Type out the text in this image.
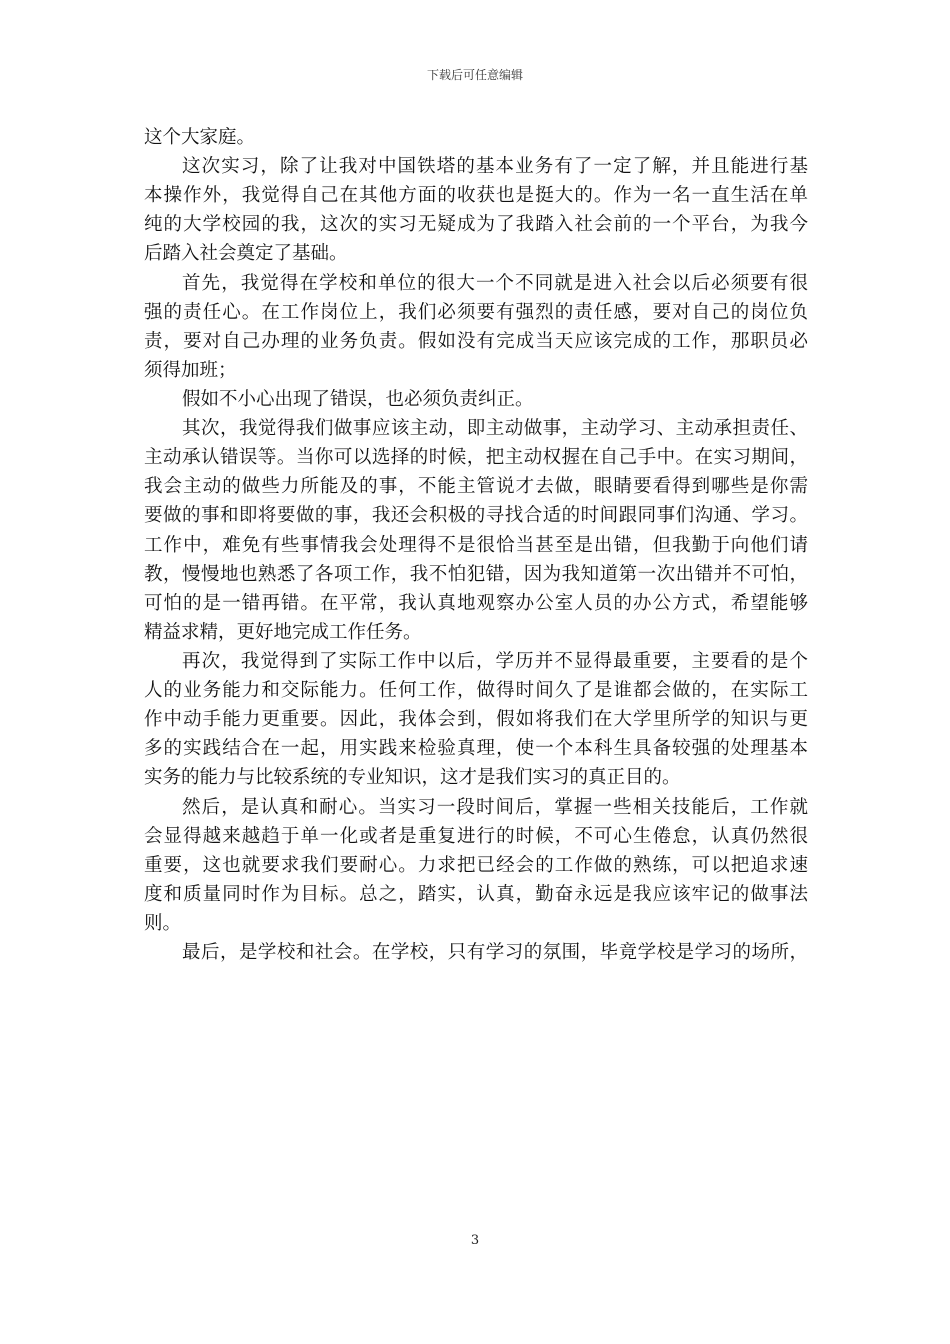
下载后可任意编辑
这个大家庭。
这次实习，除了让我对中国铁塔的基本业务有了一定了解，并且能进行基
本操作外，我觉得自己在其他方面的收获也是挺大的。作为一名一直生活在单
纯的大学校园的我，这次的实习无疑成为了我踏入社会前的一个平台，为我今
后踏入社会奠定了基础。
首先，我觉得在学校和单位的很大一个不同就是进入社会以后必须要有很
强的责任心。在工作岗位上，我们必须要有强烈的责任感，要对自己的岗位负
责，要对自己办理的业务负责。假如没有完成当天应该完成的工作，那职员必
须得加班；
假如不小心出现了错误，也必须负责纠正。
其次，我觉得我们做事应该主动，即主动做事，主动学习、主动承担责任、
主动承认错误等。当你可以选择的时候，把主动权握在自己手中。在实习期间，
我会主动的做些力所能及的事，不能主管说才去做，眼睛要看得到哪些是你需
要做的事和即将要做的事，我还会积极的寻找合适的时间跟同事们沟通、学习。
工作中，难免有些事情我会处理得不是很恰当甚至是出错，但我勤于向他们请
教，慢慢地也熟悉了各项工作，我不怕犯错，因为我知道第一次出错并不可怕，
可怕的是一错再错。在平常，我认真地观察办公室人员的办公方式，希望能够
精益求精，更好地完成工作任务。
再次，我觉得到了实际工作中以后，学历并不显得最重要，主要看的是个
人的业务能力和交际能力。任何工作，做得时间久了是谁都会做的，在实际工
作中动手能力更重要。因此，我体会到，假如将我们在大学里所学的知识与更
多的实践结合在一起，用实践来检验真理，使一个本科生具备较强的处理基本
实务的能力与比较系统的专业知识，这才是我们实习的真正目的。
然后，是认真和耐心。当实习一段时间后，掌握一些相关技能后，工作就
会显得越来越趋于单一化或者是重复进行的时候，不可心生倦怠，认真仍然很
重要，这也就要求我们要耐心。力求把已经会的工作做的熟练，可以把追求速
度和质量同时作为目标。总之，踏实，认真，勤奋永远是我应该牢记的做事法
则。
最后，是学校和社会。在学校，只有学习的氛围，毕竟学校是学习的场所，
3
